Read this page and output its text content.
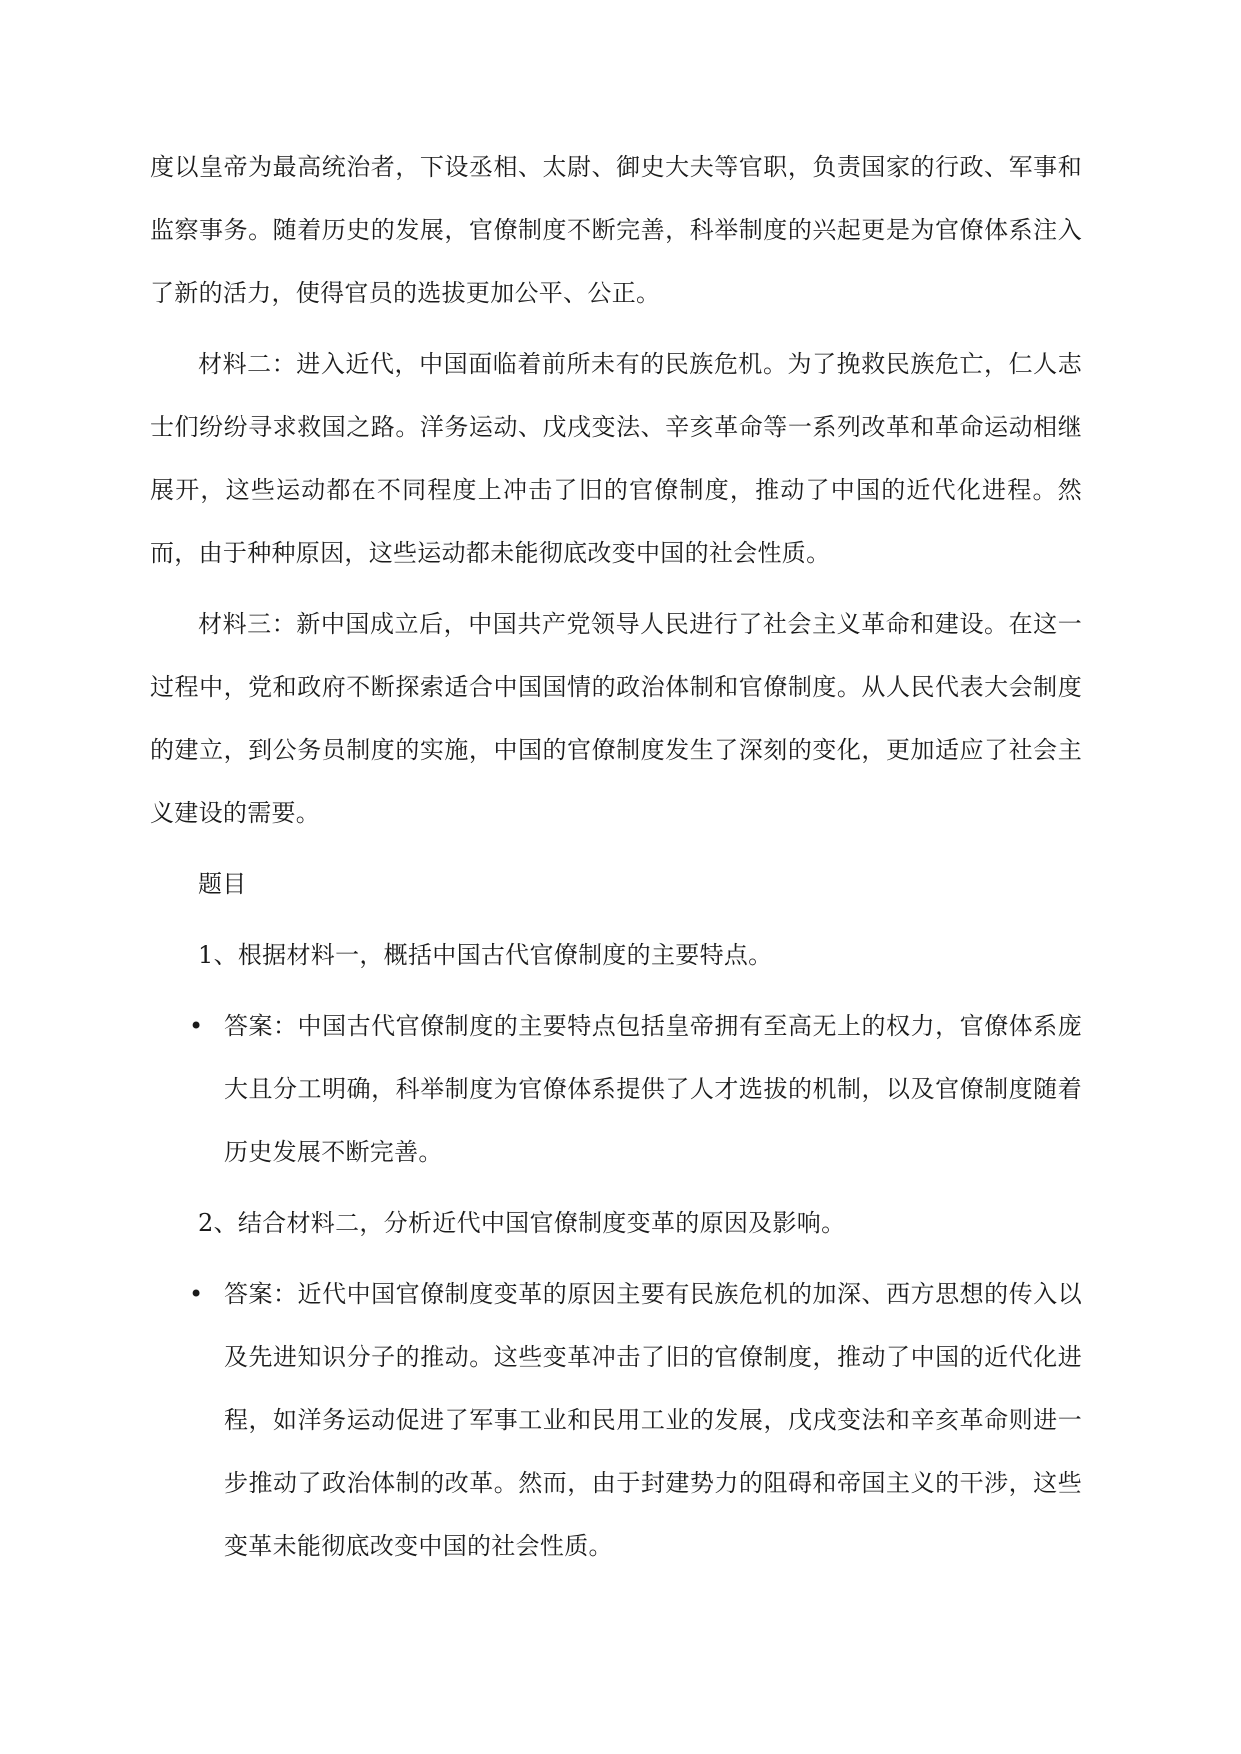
度以皇帝为最高统治者，下设丞相、太尉、御史大夫等官职，负责国家的行政、军事和监察事务。随着历史的发展，官僚制度不断完善，科举制度的兴起更是为官僚体系注入了新的活力，使得官员的选拔更加公平、公正。

材料二：进入近代，中国面临着前所未有的民族危机。为了挽救民族危亡，仁人志士们纷纷寻求救国之路。洋务运动、戊戌变法、辛亥革命等一系列改革和革命运动相继展开，这些运动都在不同程度上冲击了旧的官僚制度，推动了中国的近代化进程。然而，由于种种原因，这些运动都未能彻底改变中国的社会性质。

材料三：新中国成立后，中国共产党领导人民进行了社会主义革命和建设。在这一过程中，党和政府不断探索适合中国国情的政治体制和官僚制度。从人民代表大会制度的建立，到公务员制度的实施，中国的官僚制度发生了深刻的变化，更加适应了社会主义建设的需要。

题目

1、根据材料一，概括中国古代官僚制度的主要特点。

• 答案：中国古代官僚制度的主要特点包括皇帝拥有至高无上的权力，官僚体系庞大且分工明确，科举制度为官僚体系提供了人才选拔的机制，以及官僚制度随着历史发展不断完善。

2、结合材料二，分析近代中国官僚制度变革的原因及影响。

• 答案：近代中国官僚制度变革的原因主要有民族危机的加深、西方思想的传入以及先进知识分子的推动。这些变革冲击了旧的官僚制度，推动了中国的近代化进程，如洋务运动促进了军事工业和民用工业的发展，戊戌变法和辛亥革命则进一步推动了政治体制的改革。然而，由于封建势力的阻碍和帝国主义的干涉，这些变革未能彻底改变中国的社会性质。
